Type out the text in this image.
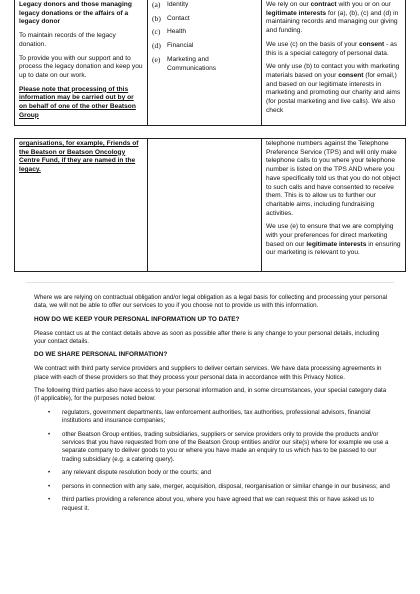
Legacy donors and those managing legacy donations or the affairs of a legacy donor

To maintain records of the legacy donation.

To provide you with our support and to process the legacy donation and keep you up to date on our work.

Please note that processing of this information may be carried out by or on behalf of one of the other Beatson Group

(a) Identity
(b) Contact
(c) Health
(d) Financial
(e) Marketing and Communications

We rely on our contract with you or on our legitimate interests for (a), (b), (c) and (d) in maintaining records and managing our giving and funding.

We use (c) on the basis of your consent - as this is a special category of personal data.

We only use (b) to contact you with marketing materials based on your consent (for email,) and based on our legitimate interests in marketing and promoting our charity and aims (for postal marketing and live calls). We also check

organisations, for example, Friends of the Beatson or Beatson Oncology Centre Fund, if they are named in the legacy.

telephone numbers against the Telephone Preference Service (TPS) and will only make telephone calls to you where your telephone number is listed on the TPS AND where you have specifically told us that you do not object to such calls and have consented to receive them. This is to allow us to further our charitable aims, including fundraising activities.

We use (e) to ensure that we are complying with your preferences for direct marketing based on our legitimate interests in ensuring our marketing is relevant to you.

Where we are relying on contractual obligation and/or legal obligation as a legal basis for collecting and processing your personal data, we will not be able to offer our services to you if you choose not to provide us with this information.

HOW DO WE KEEP YOUR PERSONAL INFORMATION UP TO DATE?

Please contact us at the contact details above as soon as possible after there is any change to your personal details, including your contact details.

DO WE SHARE PERSONAL INFORMATION?

We contract with third party service providers and suppliers to deliver certain services. We have data processing agreements in place with each of these providers so that they process your personal data in accordance with this Privacy Notice.

The following third parties also have access to your personal information and, in some circumstances, your special category data (if applicable), for the purposes noted below:

• regulators, government departments, law enforcement authorities, tax authorities, professional advisors, financial institutions and insurance companies;
• other Beatson Group entities, trading subsidiaries, suppliers or service providers only to provide the products and/or services that you have requested from one of the Beatson Group entities and/or our site(s) where for example we use a separate company to deliver goods to you or where you have made an enquiry to us which has to be passed to our trading subsidiary (e.g. a catering query).
• any relevant dispute resolution body or the courts; and
• persons in connection with any sale, merger, acquisition, disposal, reorganisation or similar change in our business; and
• third parties providing a reference about you, where you have agreed that we can request this or have asked us to request it.
